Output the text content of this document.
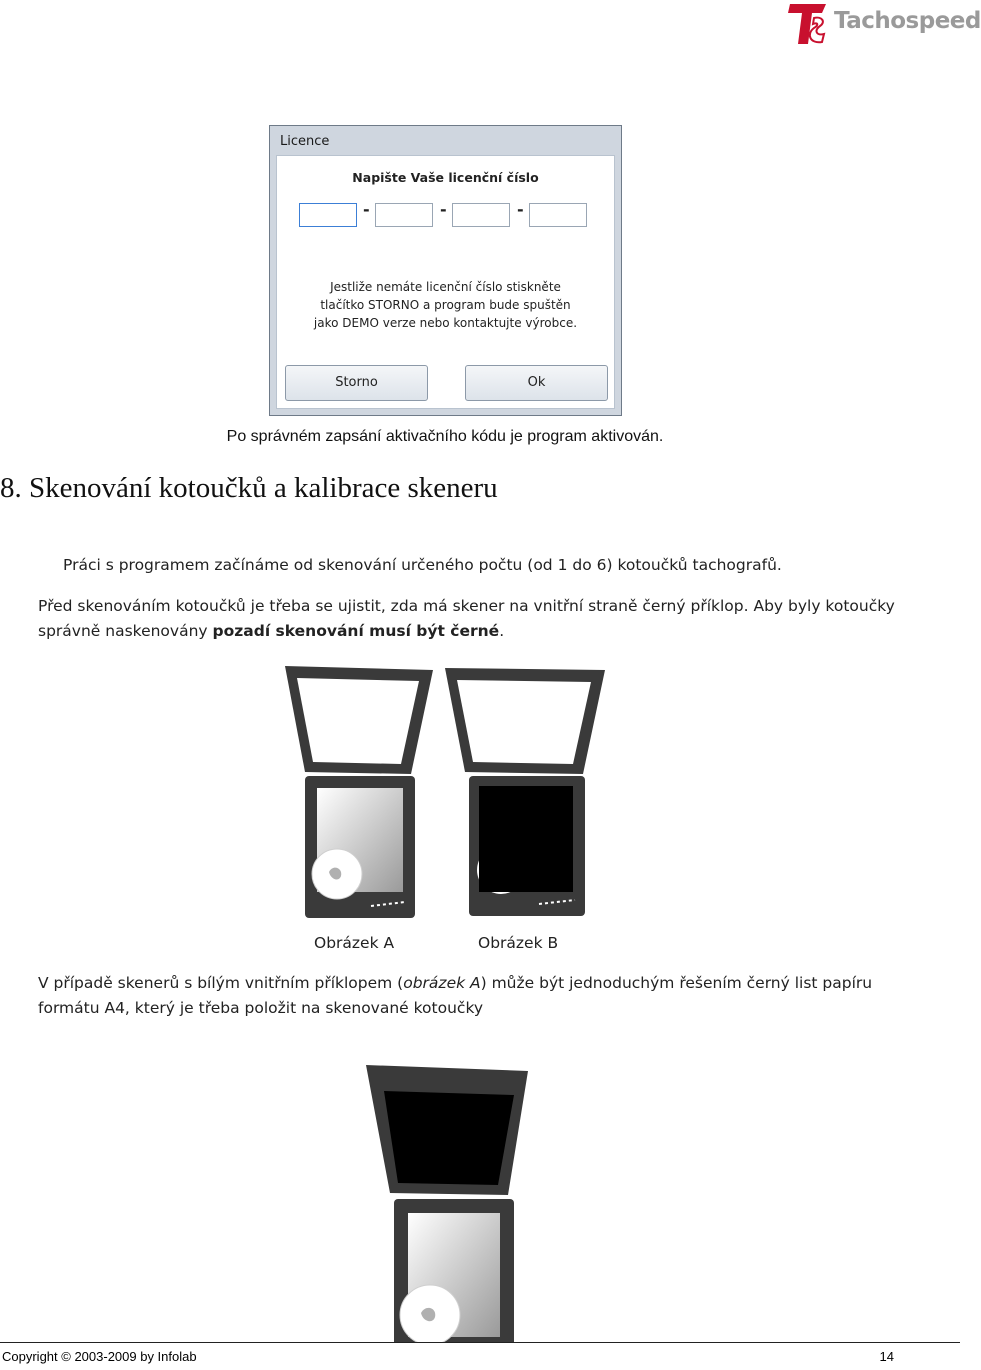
Tachospeed
Licence
Napište Vaše licenční číslo
-	-	-
Jestliže nemáte licenční číslo stiskněte
tlačítko STORNO a program bude spuštěn
jako DEMO verze nebo kontaktujte výrobce.
Storno	Ok
Po správném zapsání aktivačního kódu je program aktivován.
8. Skenování kotoučků a kalibrace skeneru
Práci s programem začínáme od skenování určeného počtu (od 1 do 6) kotoučků tachografů.
Před skenováním kotoučků je třeba se ujistit, zda má skener na vnitřní straně černý příklop. Aby byly kotoučky správně naskenovány pozadí skenování musí být černé.
Obrázek A	Obrázek B
V případě skenerů s bílým vnitřním příklopem (obrázek A) může být jednoduchým řešením černý list papíru formátu A4, který je třeba položit na skenované kotoučky
Copyright © 2003-2009 by Infolab	14
